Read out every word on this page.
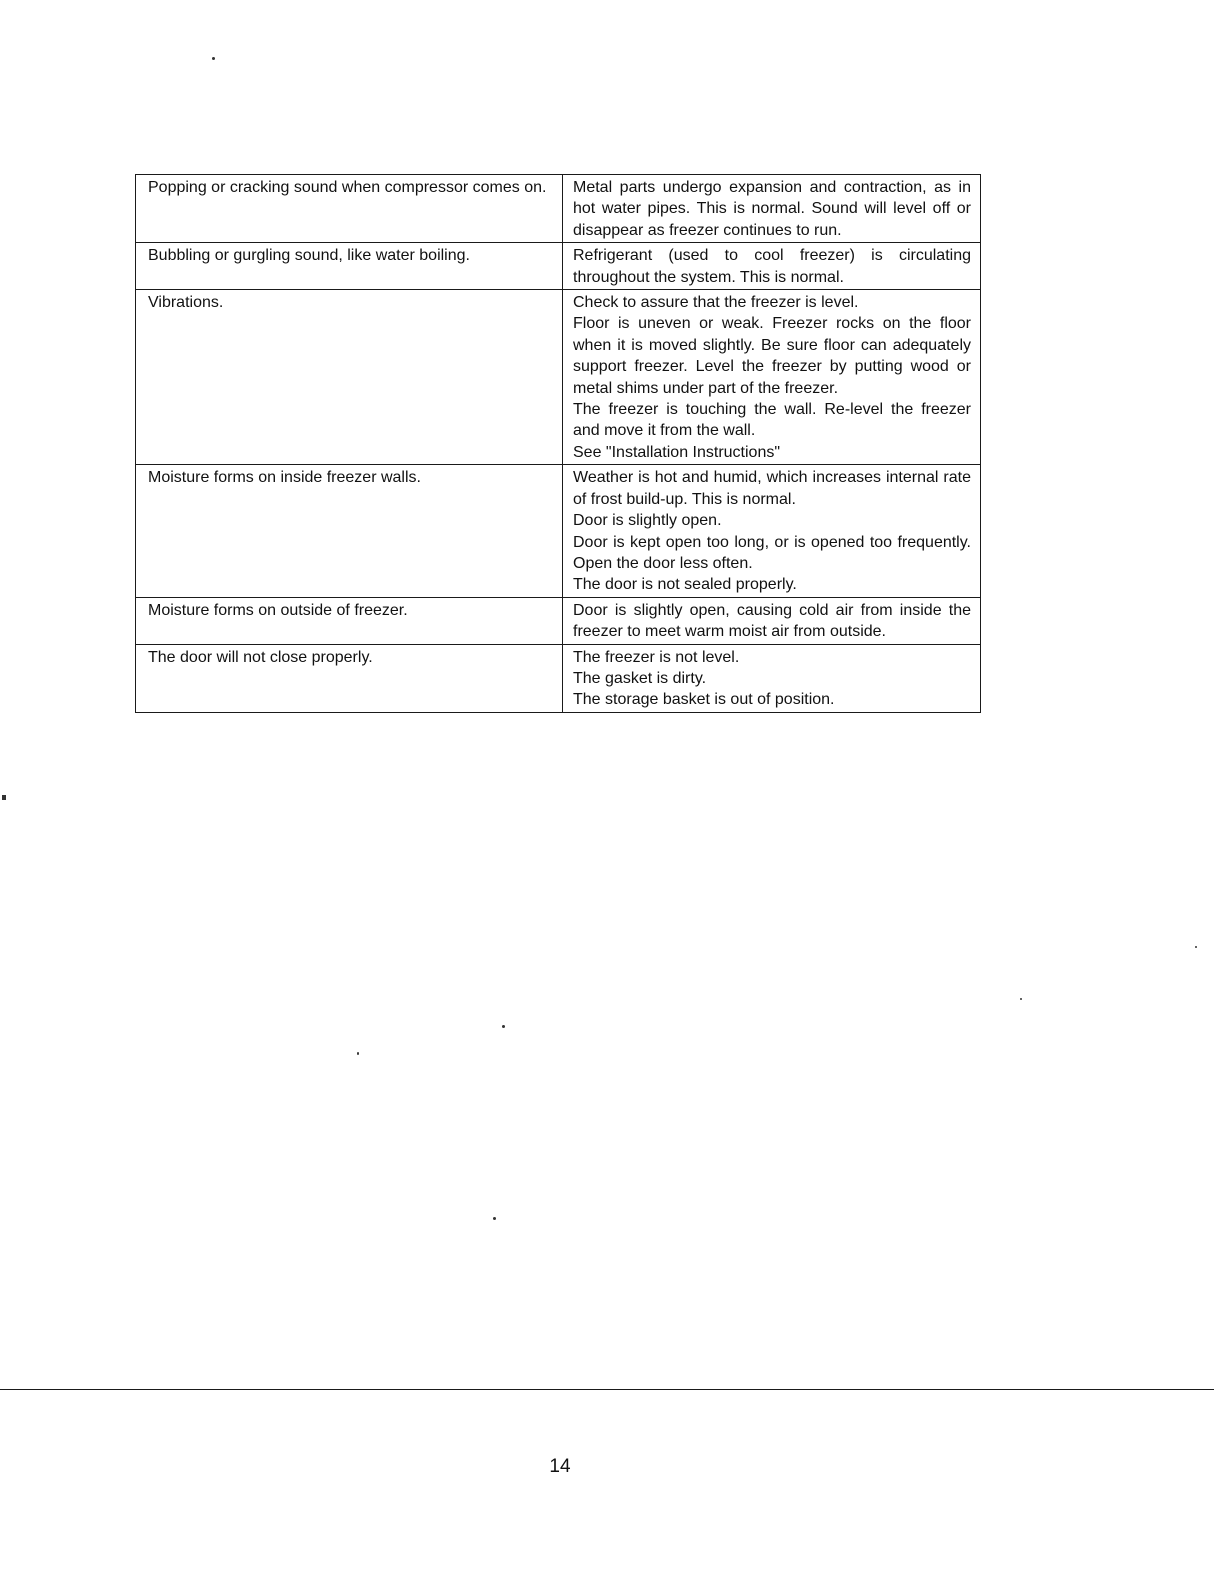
Popping or cracking sound when compressor comes on.	Metal parts undergo expansion and contraction, as in hot water pipes. This is normal. Sound will level off or disappear as freezer continues to run.

Bubbling or gurgling sound, like water boiling.	Refrigerant (used to cool freezer) is circulating throughout the system. This is normal.

Vibrations.	Check to assure that the freezer is level.
Floor is uneven or weak. Freezer rocks on the floor when it is moved slightly. Be sure floor can adequately support freezer. Level the freezer by putting wood or metal shims under part of the freezer.
The freezer is touching the wall. Re-level the freezer and move it from the wall.
See "Installation Instructions"

Moisture forms on inside freezer walls.	Weather is hot and humid, which increases internal rate of frost build-up. This is normal.
Door is slightly open.
Door is kept open too long, or is opened too frequently. Open the door less often.
The door is not sealed properly.

Moisture forms on outside of freezer.	Door is slightly open, causing cold air from inside the freezer to meet warm moist air from outside.

The door will not close properly.	The freezer is not level.
The gasket is dirty.
The storage basket is out of position.
14
